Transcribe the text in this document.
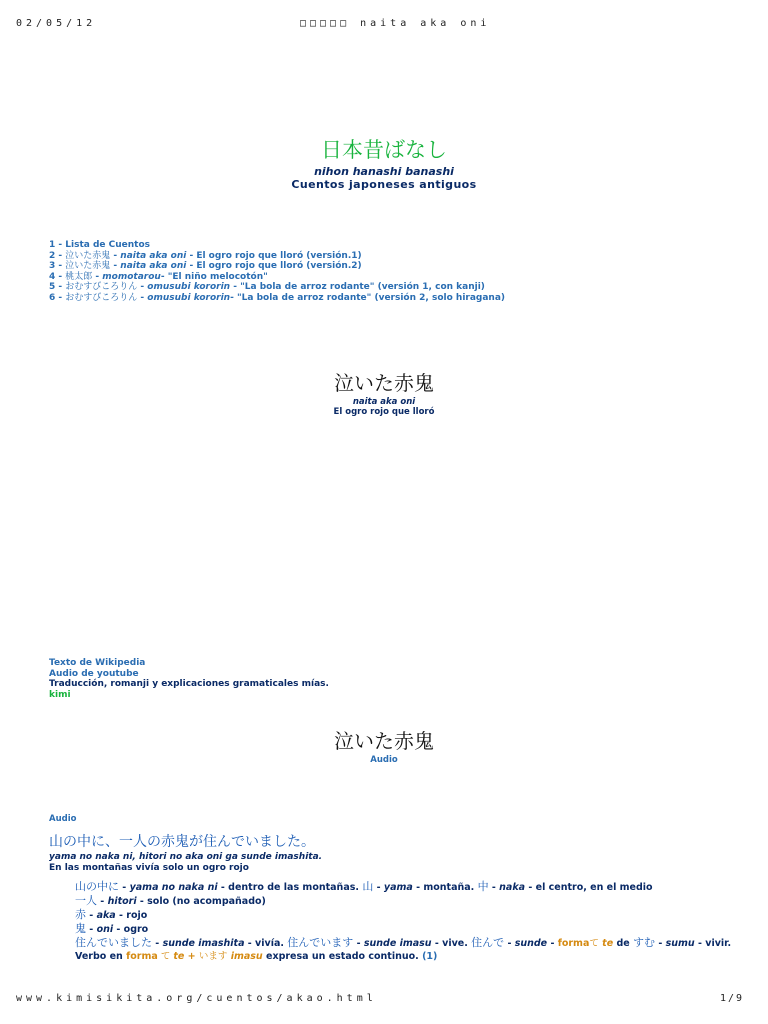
02/05/12	□□□□□ naita aka oni
日本昔ばなし
nihon hanashi banashi
Cuentos japoneses antiguos
1 - Lista de Cuentos
2 - 泣いた赤鬼 - naita aka oni - El ogro rojo que lloró (versión.1)
3 - 泣いた赤鬼 - naita aka oni - El ogro rojo que lloró (versión.2)
4 - 桃太郎 - momotarou- "El niño melocotón"
5 - おむすびころりん - omusubi kororin - "La bola de arroz rodante" (versión 1, con kanji)
6 - おむすびころりん - omusubi kororin- "La bola de arroz rodante" (versión 2, solo hiragana)
泣いた赤鬼
naita aka oni
El ogro rojo que lloró
Texto de Wikipedia
Audio de youtube
Traducción, romanji y explicaciones gramaticales mías.
kimi
泣いた赤鬼
Audio
Audio
山の中に、一人の赤鬼が住んでいました。
yama no naka ni, hitori no aka oni ga sunde imashita.
En las montañas vivía solo un ogro rojo
山の中に - yama no naka ni - dentro de las montañas. 山 - yama - montaña. 中 - naka - el centro, en el medio
一人 - hitori - solo (no acompañado)
赤 - aka - rojo
鬼 - oni - ogro
住んでいました - sunde imashita - vivía. 住んでいます - sunde imasu - vive. 住んで - sunde - formaて te de すむ - sumu - vivir.
Verbo en forma て te + います imasu expresa un estado continuo. (1)
www.kimisikita.org/cuentos/akao.html	1/9
